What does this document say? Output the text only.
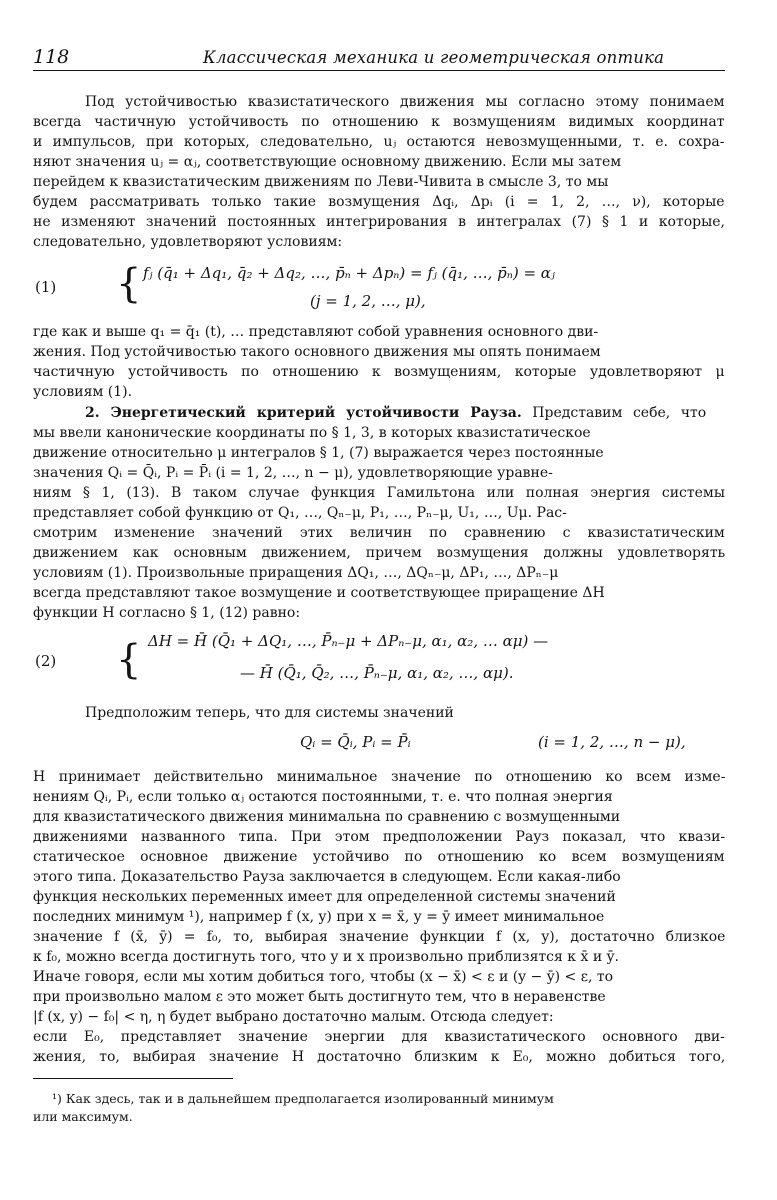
118	Классическая механика и геометрическая оптика
Под устойчивостью квазистатического движения мы согласно этому понимаем
всегда частичную устойчивость по отношению к возмущениям видимых координат
и импульсов, при которых, следовательно, uⱼ остаются невозмущенными, т. е. сохра-
няют значения uⱼ = αⱼ, соответствующие основному движению. Если мы затем
перейдем к квазистатическим движениям по Леви-Чивита в смысле 3, то мы
будем рассматривать только такие возмущения Δqᵢ, Δpᵢ (i = 1, 2, …, ν), которые
не изменяют значений постоянных интегрирования в интегралах (7) § 1 и которые,
следовательно, удовлетворяют условиям:
(1) { fⱼ (q̄₁ + Δq₁, q̄₂ + Δq₂, …, p̄ₙ + Δpₙ) = fⱼ (q̄₁, …, p̄ₙ) = αⱼ
(j = 1, 2, …, μ),
где как и выше q₁ = q̄₁ (t), … представляют собой уравнения основного дви-
жения. Под устойчивостью такого основного движения мы опять понимаем
частичную устойчивость по отношению к возмущениям, которые удовлетворяют μ
условиям (1).
2. Энергетический критерий устойчивости Рауза. Представим себе, что
мы ввели канонические координаты по § 1, 3, в которых квазистатическое
движение относительно μ интегралов § 1, (7) выражается через постоянные
значения Qᵢ = Q̄ᵢ, Pᵢ = P̄ᵢ (i = 1, 2, …, n − μ), удовлетворяющие уравне-
ниям § 1, (13). В таком случае функция Гамильтона или полная энергия системы
представляет собой функцию от Q₁, …, Qₙ₋μ, P₁, …, Pₙ₋μ, U₁, …, Uμ. Рас-
смотрим изменение значений этих величин по сравнению с квазистатическим
движением как основным движением, причем возмущения должны удовлетворять
условиям (1). Произвольные приращения ΔQ₁, …, ΔQₙ₋μ, ΔP₁, …, ΔPₙ₋μ
всегда представляют такое возмущение и соответствующее приращение ΔH
функции H согласно § 1, (12) равно:
(2) { ΔH = H̄ (Q̄₁ + ΔQ₁, …, P̄ₙ₋μ + ΔPₙ₋μ, α₁, α₂, … αμ) —
— H̄ (Q̄₁, Q̄₂, …, P̄ₙ₋μ, α₁, α₂, …, αμ).
Предположим теперь, что для системы значений
Qᵢ = Q̄ᵢ, Pᵢ = P̄ᵢ	(i = 1, 2, …, n − μ),
H принимает действительно минимальное значение по отношению ко всем изме-
нениям Qᵢ, Pᵢ, если только αⱼ остаются постоянными, т. е. что полная энергия
для квазистатического движения минимальна по сравнению с возмущенными
движениями названного типа. При этом предположении Рауз показал, что квази-
статическое основное движение устойчиво по отношению ко всем возмущениям
этого типа. Доказательство Рауза заключается в следующем. Если какая-либо
функция нескольких переменных имеет для определенной системы значений
последних минимум ¹), например f (x, y) при x = x̄, y = ȳ имеет минимальное
значение f (x̄, ȳ) = f₀, то, выбирая значение функции f (x, y), достаточно близкое
к f₀, можно всегда достигнуть того, что y и x произвольно приблизятся к x̄ и ȳ.
Иначе говоря, если мы хотим добиться того, чтобы (x − x̄) < ε и (y − ȳ) < ε, то
при произвольно малом ε это может быть достигнуто тем, что в неравенстве
|f (x, y) − f₀| < η, η будет выбрано достаточно малым. Отсюда следует:
если E₀, представляет значение энергии для квазистатического основного дви-
жения, то, выбирая значение H достаточно близким к E₀, можно добиться того,
¹) Как здесь, так и в дальнейшем предполагается изолированный минимум
или максимум.
